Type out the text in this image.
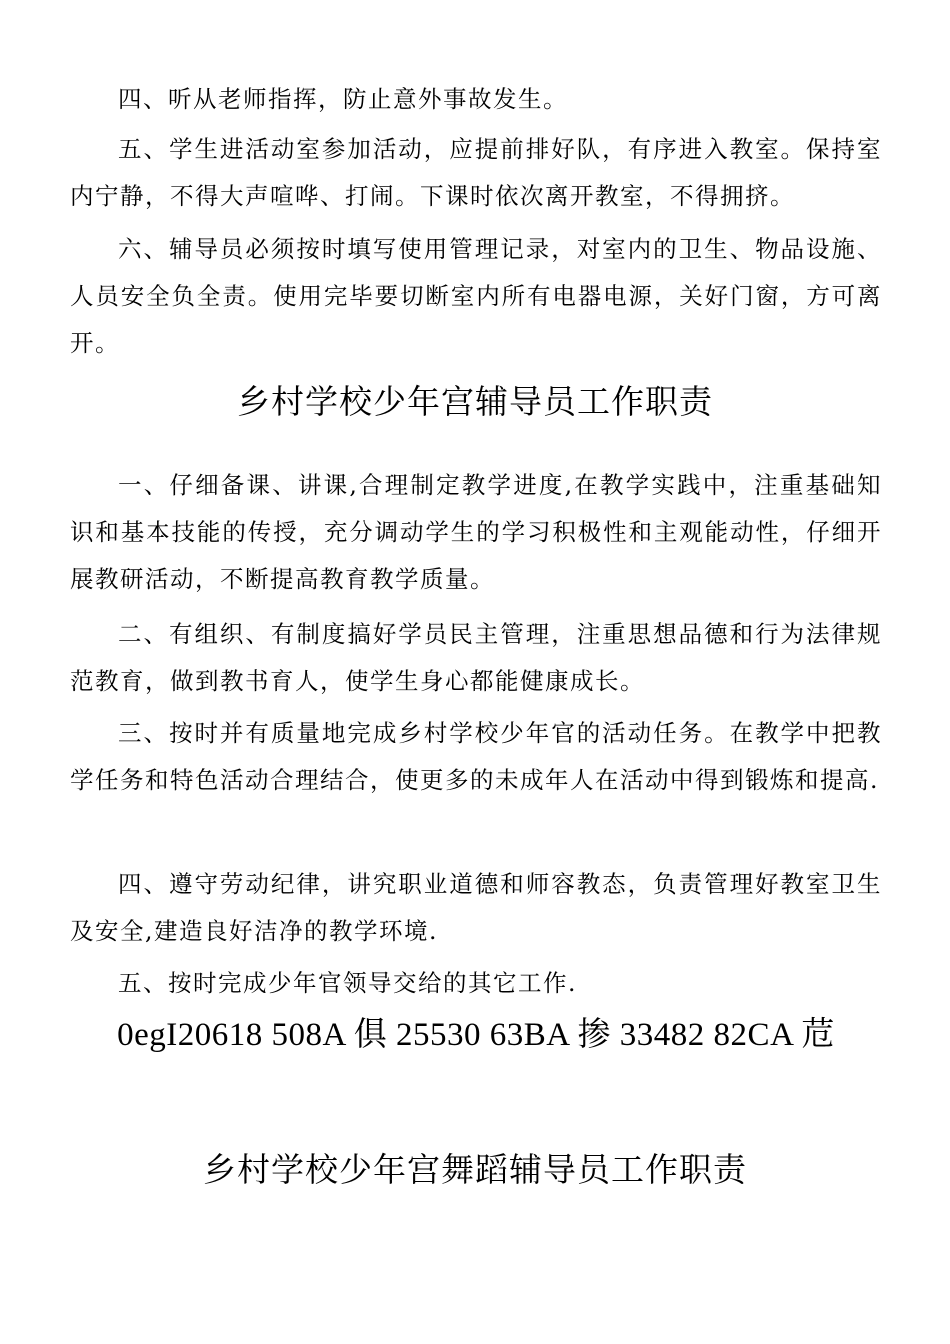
四、听从老师指挥，防止意外事故发生。

五、学生进活动室参加活动，应提前排好队，有序进入教室。保持室内宁静，不得大声喧哗、打闹。下课时依次离开教室，不得拥挤。

六、辅导员必须按时填写使用管理记录，对室内的卫生、物品设施、人员安全负全责。使用完毕要切断室内所有电器电源，关好门窗，方可离开。

乡村学校少年宫辅导员工作职责

一、仔细备课、讲课,合理制定教学进度,在教学实践中，注重基础知识和基本技能的传授，充分调动学生的学习积极性和主观能动性，仔细开展教研活动，不断提高教育教学质量。

二、有组织、有制度搞好学员民主管理，注重思想品德和行为法律规范教育，做到教书育人，使学生身心都能健康成长。

三、按时并有质量地完成乡村学校少年官的活动任务。在教学中把教学任务和特色活动合理结合，使更多的未成年人在活动中得到锻炼和提高.

四、遵守劳动纪律，讲究职业道德和师容教态，负责管理好教室卫生及安全,建造良好洁净的教学环境.

五、按时完成少年官领导交给的其它工作.

0egI20618 508A 俱 25530 63BA 掺 33482 82CA 苊

乡村学校少年宫舞蹈辅导员工作职责
